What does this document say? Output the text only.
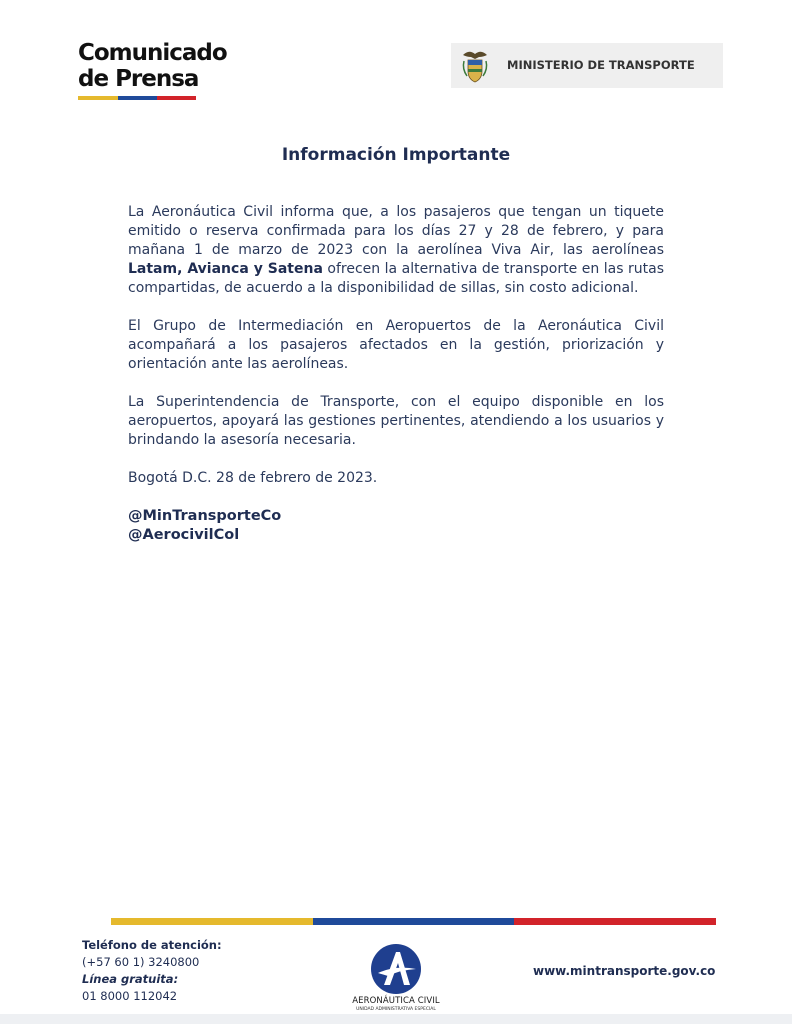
Comunicado
de Prensa
MINISTERIO DE TRANSPORTE
Información Importante

La Aeronáutica Civil informa que, a los pasajeros que tengan un tiquete emitido o reserva confirmada para los días 27 y 28 de febrero, y para mañana 1 de marzo de 2023 con la aerolínea Viva Air, las aerolíneas Latam, Avianca y Satena ofrecen la alternativa de transporte en las rutas compartidas, de acuerdo a la disponibilidad de sillas, sin costo adicional.

El Grupo de Intermediación en Aeropuertos de la Aeronáutica Civil acompañará a los pasajeros afectados en la gestión, priorización y orientación ante las aerolíneas.

La Superintendencia de Transporte, con el equipo disponible en los aeropuertos, apoyará las gestiones pertinentes, atendiendo a los usuarios y brindando la asesoría necesaria.

Bogotá D.C. 28 de febrero de 2023.

@MinTransporteCo
@AerocivilCol
Teléfono de atención:
(+57 60 1) 3240800
Línea gratuita:
01 8000 112042	AERONÁUTICA CIVIL
UNIDAD ADMINISTRATIVA ESPECIAL
www.mintransporte.gov.co
